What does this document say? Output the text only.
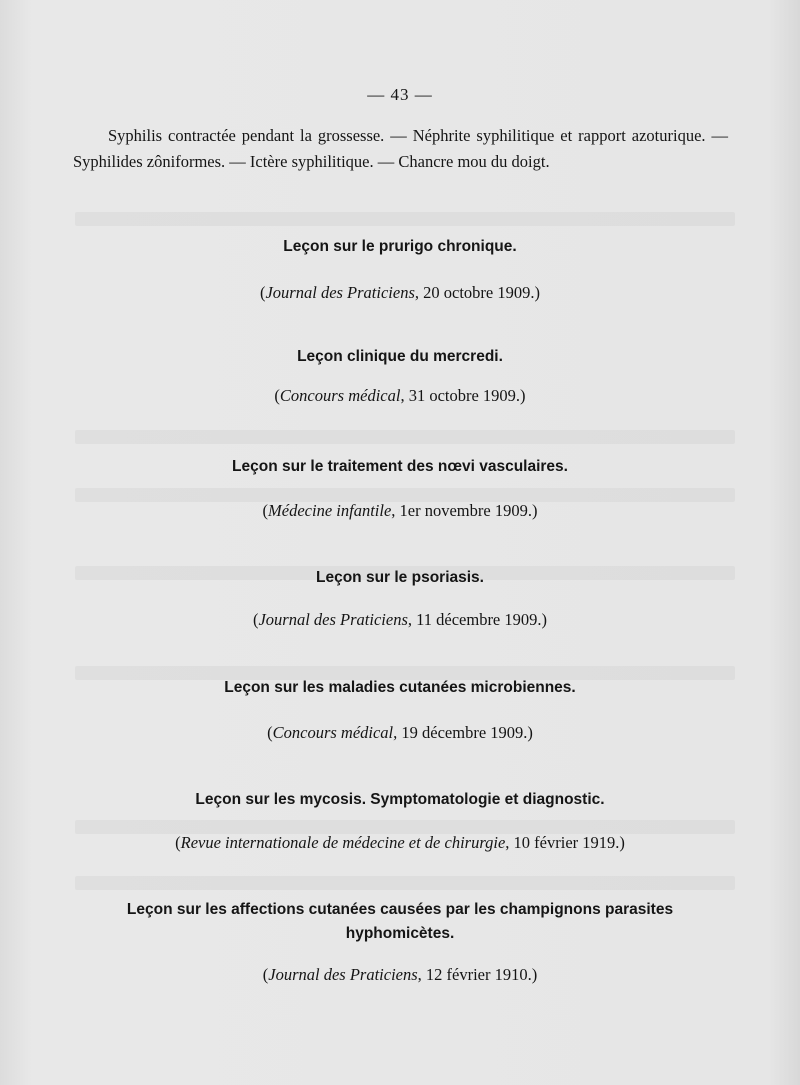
— 43 —

Syphilis contractée pendant la grossesse. — Néphrite syphilitique et rapport azoturique. — Syphilides zôniformes. — Ictère syphilitique. — Chancre mou du doigt.

Leçon sur le prurigo chronique.

(Journal des Praticiens, 20 octobre 1909.)

Leçon clinique du mercredi.

(Concours médical, 31 octobre 1909.)

Leçon sur le traitement des nœvi vasculaires.

(Médecine infantile, 1er novembre 1909.)

Leçon sur le psoriasis.

(Journal des Praticiens, 11 décembre 1909.)

Leçon sur les maladies cutanées microbiennes.

(Concours médical, 19 décembre 1909.)

Leçon sur les mycosis. Symptomatologie et diagnostic.

(Revue internationale de médecine et de chirurgie, 10 février 1919.)

Leçon sur les affections cutanées causées par les champignons parasites hyphomicètes.

(Journal des Praticiens, 12 février 1910.)
